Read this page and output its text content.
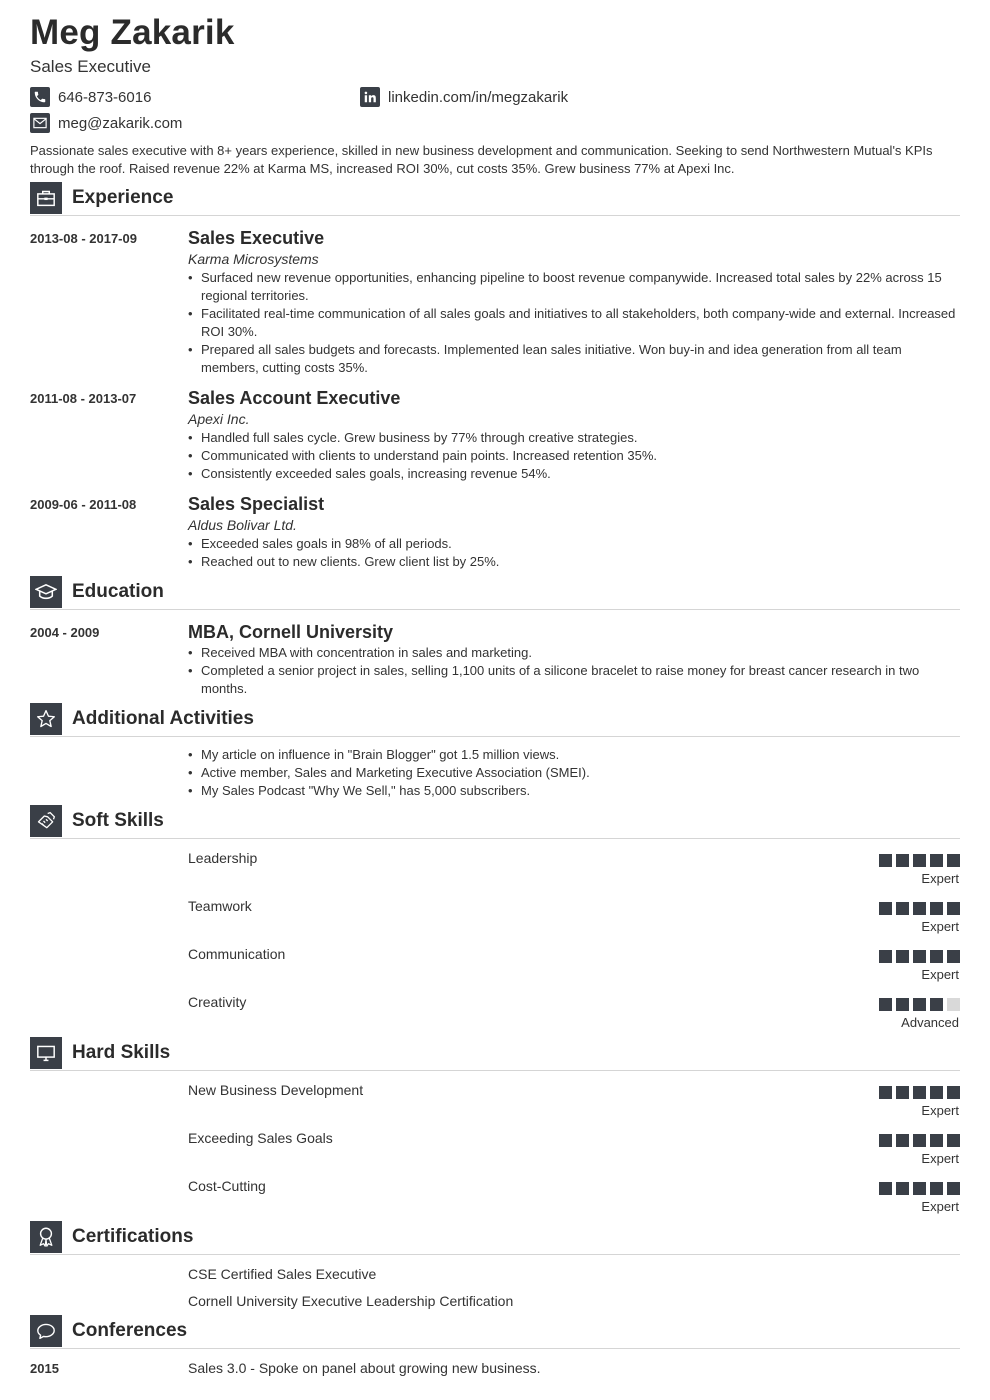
Meg Zakarik
Sales Executive
646-873-6016	linkedin.com/in/megzakarik
meg@zakarik.com
Passionate sales executive with 8+ years experience, skilled in new business development and communication. Seeking to send Northwestern Mutual's KPIs through the roof. Raised revenue 22% at Karma MS, increased ROI 30%, cut costs 35%. Grew business 77% at Apexi Inc.
Experience
2013-08 - 2017-09	Sales Executive
Karma Microsystems
• Surfaced new revenue opportunities, enhancing pipeline to boost revenue companywide. Increased total sales by 22% across 15 regional territories.
• Facilitated real-time communication of all sales goals and initiatives to all stakeholders, both company-wide and external. Increased ROI 30%.
• Prepared all sales budgets and forecasts. Implemented lean sales initiative. Won buy-in and idea generation from all team members, cutting costs 35%.
2011-08 - 2013-07	Sales Account Executive
Apexi Inc.
• Handled full sales cycle. Grew business by 77% through creative strategies.
• Communicated with clients to understand pain points. Increased retention 35%.
• Consistently exceeded sales goals, increasing revenue 54%.
2009-06 - 2011-08	Sales Specialist
Aldus Bolivar Ltd.
• Exceeded sales goals in 98% of all periods.
• Reached out to new clients. Grew client list by 25%.
Education
2004 - 2009	MBA, Cornell University
• Received MBA with concentration in sales and marketing.
• Completed a senior project in sales, selling 1,100 units of a silicone bracelet to raise money for breast cancer research in two months.
Additional Activities
• My article on influence in "Brain Blogger" got 1.5 million views.
• Active member, Sales and Marketing Executive Association (SMEI).
• My Sales Podcast "Why We Sell," has 5,000 subscribers.
Soft Skills
Leadership
Expert
Teamwork
Expert
Communication
Expert
Creativity
Advanced
Hard Skills
New Business Development
Expert
Exceeding Sales Goals
Expert
Cost-Cutting
Expert
Certifications
CSE Certified Sales Executive
Cornell University Executive Leadership Certification
Conferences
2015	Sales 3.0 - Spoke on panel about growing new business.
